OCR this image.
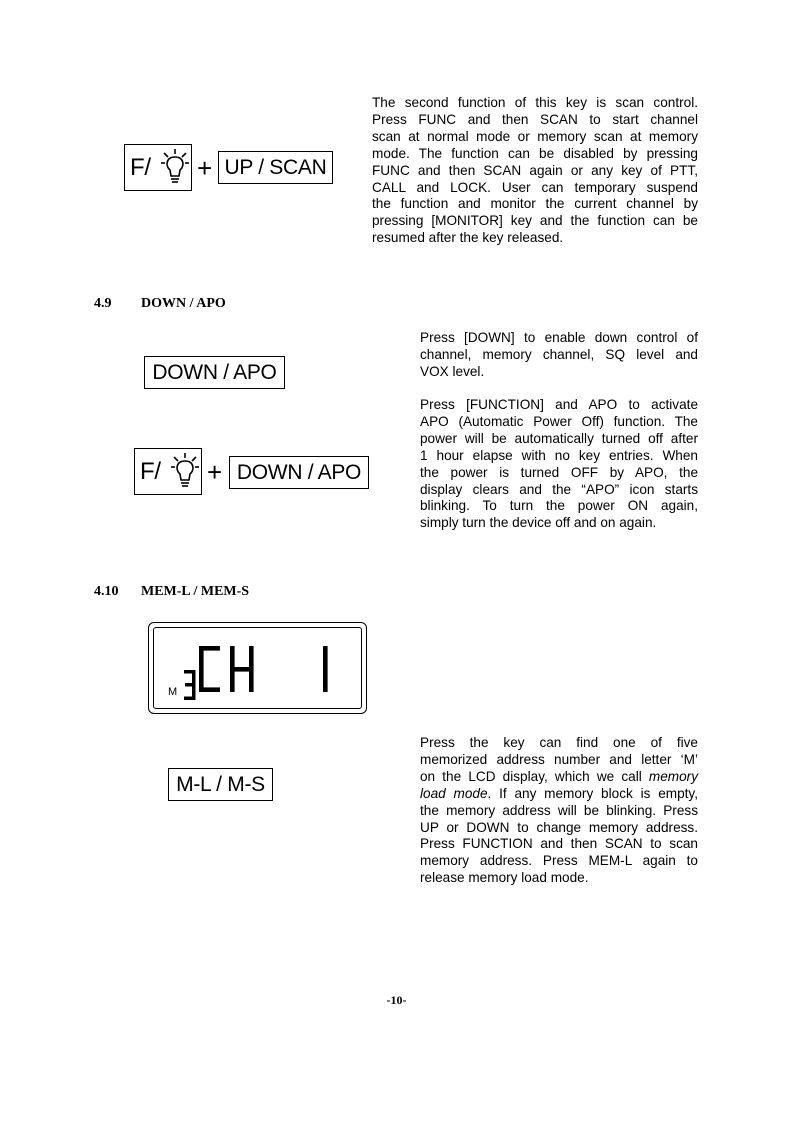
F/ + UP / SCAN
The second function of this key is scan control.
Press FUNC and then SCAN to start channel
scan at normal mode or memory scan at memory
mode. The function can be disabled by pressing
FUNC and then SCAN again or any key of PTT,
CALL and LOCK. User can temporary suspend
the function and monitor the current channel by
pressing [MONITOR] key and the function can be
resumed after the key released.
4.9 DOWN / APO
DOWN / APO
Press [DOWN] to enable down control of
channel, memory channel, SQ level and
VOX level.
Press [FUNCTION] and APO to activate
APO (Automatic Power Off) function. The
power will be automatically turned off after
1 hour elapse with no key entries. When
the power is turned OFF by APO, the
display clears and the “APO” icon starts
blinking. To turn the power ON again,
simply turn the device off and on again.
F/ + DOWN / APO
4.10 MEM-L / MEM-S
M
M-L / M-S
Press the key can find one of five
memorized address number and letter ‘M’
on the LCD display, which we call memory
load mode. If any memory block is empty,
the memory address will be blinking. Press
UP or DOWN to change memory address.
Press FUNCTION and then SCAN to scan
memory address. Press MEM-L again to
release memory load mode.
-10-
